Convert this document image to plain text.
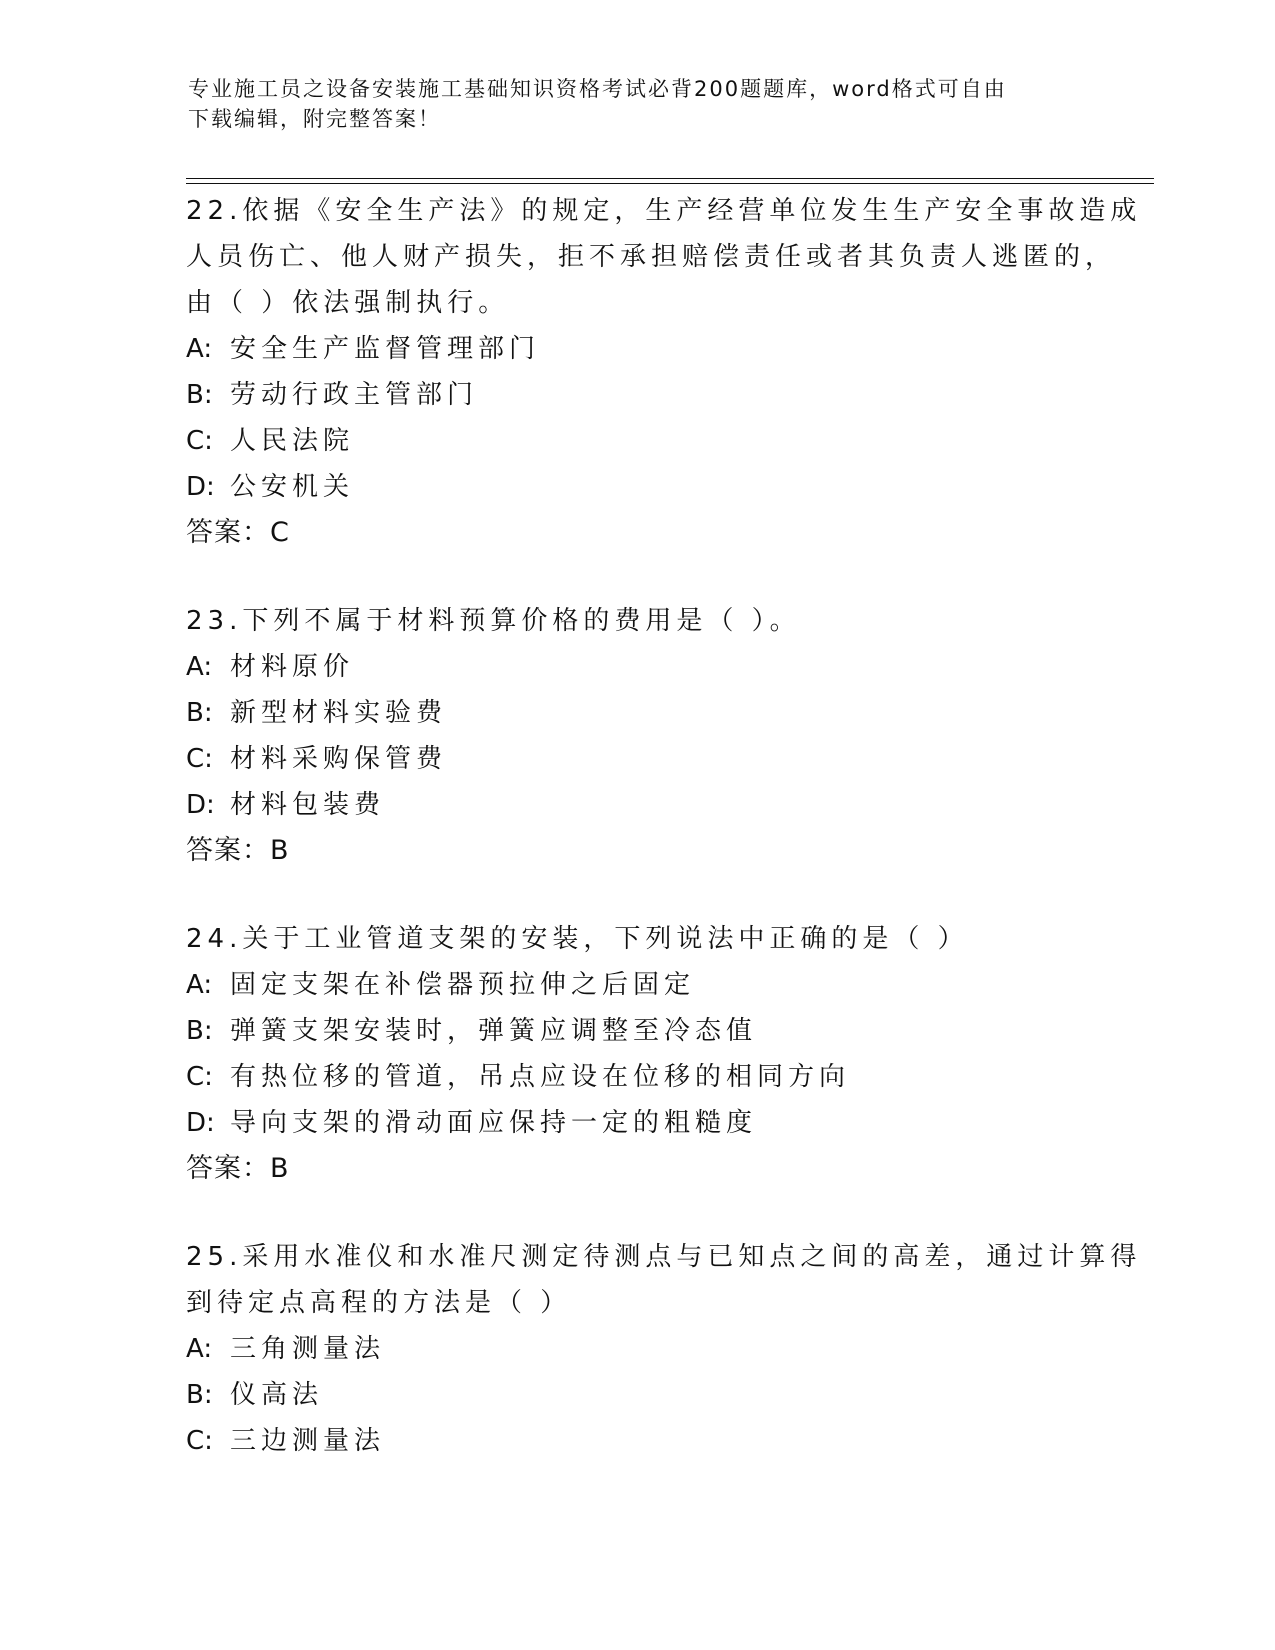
专业施工员之设备安装施工基础知识资格考试必背200题题库，word格式可自由
下载编辑，附完整答案！
22.依据《安全生产法》的规定，生产经营单位发生生产安全事故造成
人员伤亡、他人财产损失，拒不承担赔偿责任或者其负责人逃匿的，
由（ ）依法强制执行。
A: 安全生产监督管理部门
B: 劳动行政主管部门
C: 人民法院
D: 公安机关
答案：C
23.下列不属于材料预算价格的费用是（ ）。
A: 材料原价
B: 新型材料实验费
C: 材料采购保管费
D: 材料包装费
答案：B
24.关于工业管道支架的安装，下列说法中正确的是（ ）
A: 固定支架在补偿器预拉伸之后固定
B: 弹簧支架安装时，弹簧应调整至冷态值
C: 有热位移的管道，吊点应设在位移的相同方向
D: 导向支架的滑动面应保持一定的粗糙度
答案：B
25.采用水准仪和水准尺测定待测点与已知点之间的高差，通过计算得
到待定点高程的方法是（ ）
A: 三角测量法
B: 仪高法
C: 三边测量法
